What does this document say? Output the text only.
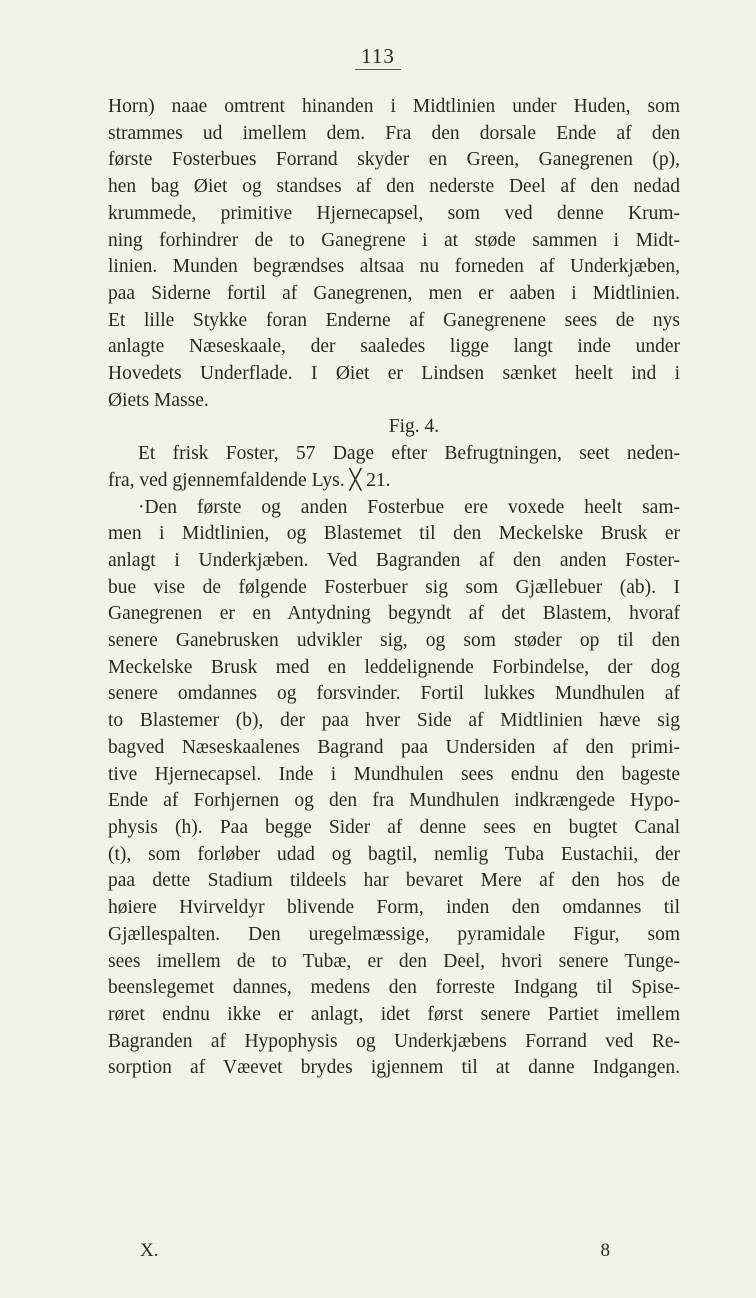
113
Horn) naae omtrent hinanden i Midtlinien under Huden, som
strammes ud imellem dem. Fra den dorsale Ende af den
første Fosterbues Forrand skyder en Green, Ganegrenen (p),
hen bag Øiet og standses af den nederste Deel af den nedad
krummede, primitive Hjernecapsel, som ved denne Krum-
ning forhindrer de to Ganegrene i at støde sammen i Midt-
linien. Munden begrændses altsaa nu forneden af Underkjæben,
paa Siderne fortil af Ganegrenen, men er aaben i Midtlinien.
Et lille Stykke foran Enderne af Ganegrenene sees de nys
anlagte Næseskaale, der saaledes ligge langt inde under
Hovedets Underflade. I Øiet er Lindsen sænket heelt ind i
Øiets Masse.
Fig. 4.
Et frisk Foster, 57 Dage efter Befrugtningen, seet neden-
fra, ved gjennemfaldende Lys. ╳ 21.
·Den første og anden Fosterbue ere voxede heelt sam-
men i Midtlinien, og Blastemet til den Meckelske Brusk er
anlagt i Underkjæben. Ved Bagranden af den anden Foster-
bue vise de følgende Fosterbuer sig som Gjællebuer (ab). I
Ganegrenen er en Antydning begyndt af det Blastem, hvoraf
senere Ganebrusken udvikler sig, og som støder op til den
Meckelske Brusk med en leddelignende Forbindelse, der dog
senere omdannes og forsvinder. Fortil lukkes Mundhulen af
to Blastemer (b), der paa hver Side af Midtlinien hæve sig
bagved Næseskaalenes Bagrand paa Undersiden af den primi-
tive Hjernecapsel. Inde i Mundhulen sees endnu den bageste
Ende af Forhjernen og den fra Mundhulen indkrængede Hypo-
physis (h). Paa begge Sider af denne sees en bugtet Canal
(t), som forløber udad og bagtil, nemlig Tuba Eustachii, der
paa dette Stadium tildeels har bevaret Mere af den hos de
høiere Hvirveldyr blivende Form, inden den omdannes til
Gjællespalten. Den uregelmæssige, pyramidale Figur, som
sees imellem de to Tubæ, er den Deel, hvori senere Tunge-
beenslegemet dannes, medens den forreste Indgang til Spise-
røret endnu ikke er anlagt, idet først senere Partiet imellem
Bagranden af Hypophysis og Underkjæbens Forrand ved Re-
sorption af Væevet brydes igjennem til at danne Indgangen.
X.	8
